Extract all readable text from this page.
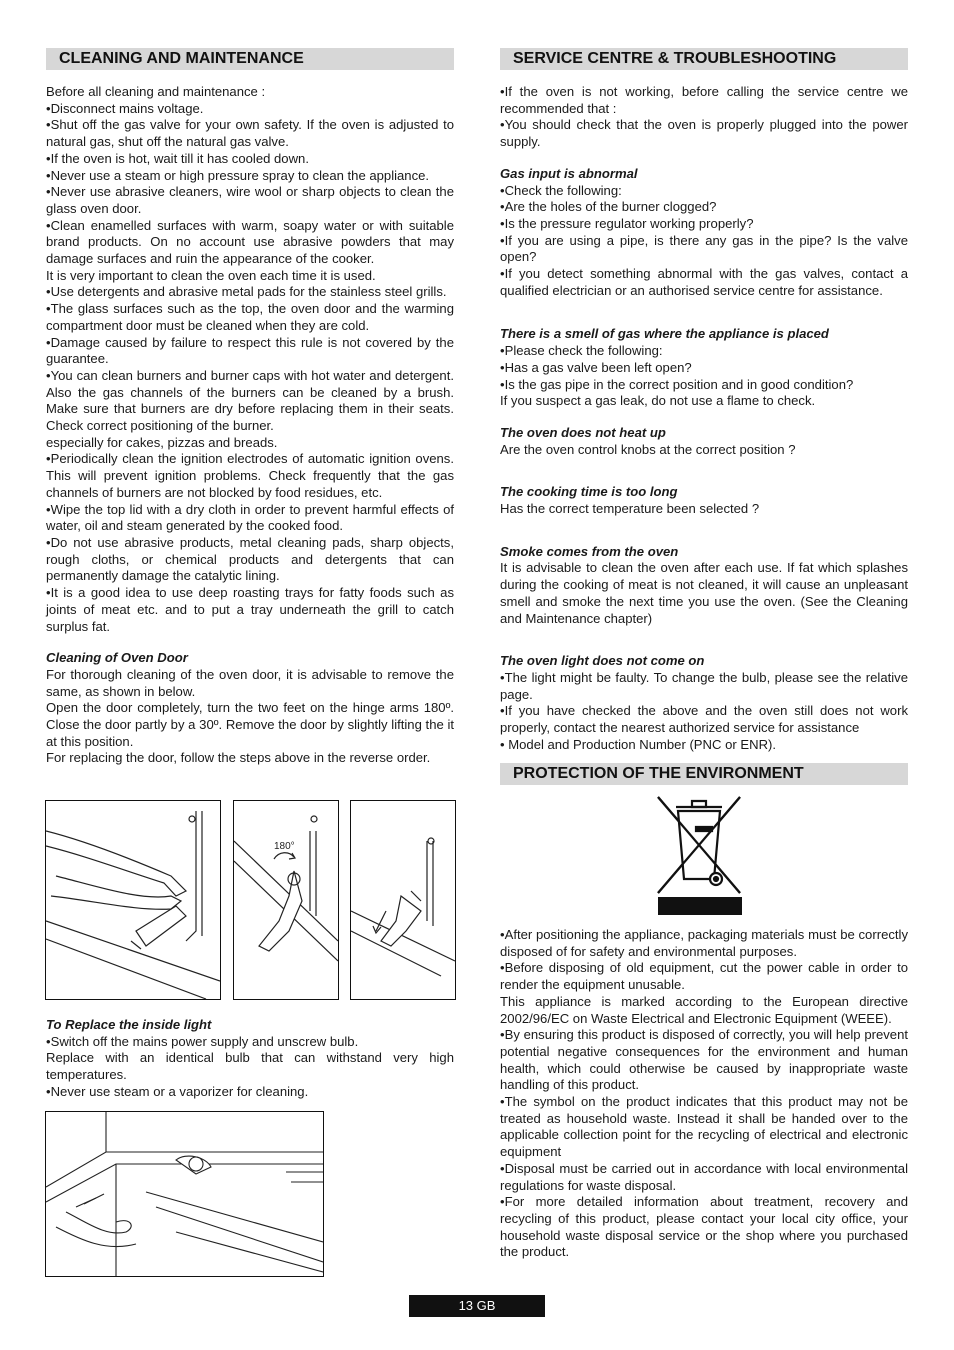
CLEANING AND MAINTENANCE

Before all cleaning and maintenance :

•Disconnect mains voltage.

•Shut off the gas valve for your own safety. If the oven is adjusted to natural gas, shut off the natural gas valve.

•If the oven is hot, wait till it has cooled down.

•Never use a steam or high pressure spray to clean the appliance.

•Never use abrasive cleaners, wire wool or sharp objects to clean the glass oven door.

•Clean enamelled surfaces with warm, soapy water or with suitable brand products. On no account use abrasive powders that may damage surfaces and ruin the appearance of the cooker.

It is very important to clean the oven each time it is used.

•Use detergents and abrasive metal pads for the stainless steel grills.

•The glass surfaces such as the top, the oven door and the warming compartment door must be cleaned when they are cold.

•Damage caused by failure to respect this rule is not covered by the guarantee.

•You can clean burners and burner caps with hot water and detergent. Also the gas channels of the burners can be cleaned by a brush. Make sure that burners are dry before replacing them in their seats. Check correct positioning of the burner.

especially for cakes, pizzas and breads.

•Periodically clean the ignition electrodes of automatic ignition ovens. This will prevent ignition problems. Check frequently that the gas channels of burners are not blocked by food residues, etc.

•Wipe the top lid with a dry cloth in order to prevent harmful effects of water, oil and steam generated by the cooked food.

•Do not use abrasive products, metal cleaning pads, sharp objects, rough cloths, or chemical products and detergents that can permanently damage the catalytic lining.

•It is a good idea to use deep roasting trays for fatty foods such as joints of meat etc. and to put a tray underneath the grill to catch surplus fat.

Cleaning of Oven Door

For thorough cleaning of the oven door, it is advisable to remove the same, as shown in below.

Open the door completely, turn the two feet on the hinge arms 180º. Close the door partly by a 30º. Remove the door by slightly lifting the it at this position.

For replacing the door, follow the steps above in the reverse order.

180°

To Replace the inside light

•Switch off the mains power supply and unscrew bulb.

Replace with an identical bulb that can withstand very high temperatures.

•Never use steam or a vaporizer for cleaning.

SERVICE CENTRE & TROUBLESHOOTING

•If the oven is not working, before calling the service centre we recommended that :

•You should check that the oven is properly plugged into the power supply.

Gas input is abnormal

•Check the following:

•Are the holes of the burner clogged?

•Is the pressure regulator working properly?

•If you are using a pipe, is there any gas in the pipe? Is the valve open?

•If you detect something abnormal with the gas valves, contact a qualified electrician or an authorised service centre for assistance.

There is a smell of gas where the appliance is placed

•Please check the following:

•Has a gas valve been left open?

•Is the gas pipe in the correct position and in good condition?

If you suspect a gas leak, do not use a flame to check.

The oven does not heat up

Are the oven control knobs at the correct position ?

The cooking time is too long

Has the correct temperature been selected ?

Smoke comes from the oven

It is advisable to clean the oven after each use. If fat which splashes during the cooking of meat is not cleaned, it will cause an unpleasant smell and smoke the next time you use the oven. (See the Cleaning and Maintenance chapter)

The oven light does not come on

•The light might be faulty. To change the bulb, please see the relative page.

•If you have checked the above and the oven still does not work properly, contact the nearest authorized service for assistance

• Model and Production Number (PNC or ENR).

PROTECTION OF THE ENVIRONMENT

•After positioning the appliance, packaging materials must be correctly disposed of for safety and environmental purposes.

•Before disposing of old equipment, cut the power cable in order to render the equipment unusable.

This appliance is marked according to the European directive 2002/96/EC on Waste Electrical and Electronic Equipment (WEEE).

•By ensuring this product is disposed of correctly, you will help prevent potential negative consequences for the environment and human health, which could otherwise be caused by inappropriate waste handling of this product.

•The symbol on the product indicates that this product may not be treated as household waste. Instead it shall be handed over to the applicable collection point for the recycling of electrical and electronic equipment

•Disposal must be carried out in accordance with local environmental regulations for waste disposal.

•For more detailed information about treatment, recovery and recycling of this product, please contact your local city office, your household waste disposal service or the shop where you purchased the product.

13 GB
